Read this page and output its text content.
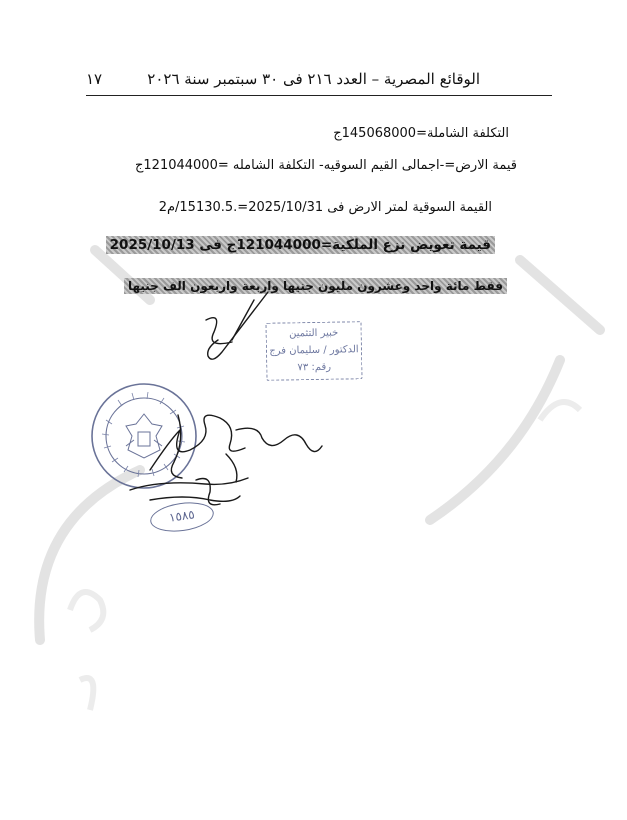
الوقائع المصرية – العدد ٢١٦ فى ٣٠ سبتمبر سنة ٢٠٢٦
١٧
التكلفة الشاملة=145068000ج
قيمة الارض=-اجمالى القيم السوقيه- التكلفة الشامله =121044000ج
القيمة السوقية لمتر الارض فى 2025/10/31=.15130.5/م2
قيمة تعويض نزع الملكية=121044000ج فى 2025/10/13
فقط مائة واحد وعشرون مليون جنيها واربعة واربعون الف جنيها
خبير التثمين
الدكتور / سليمان فرج
رقم: ٧٣
١٥٨٥
